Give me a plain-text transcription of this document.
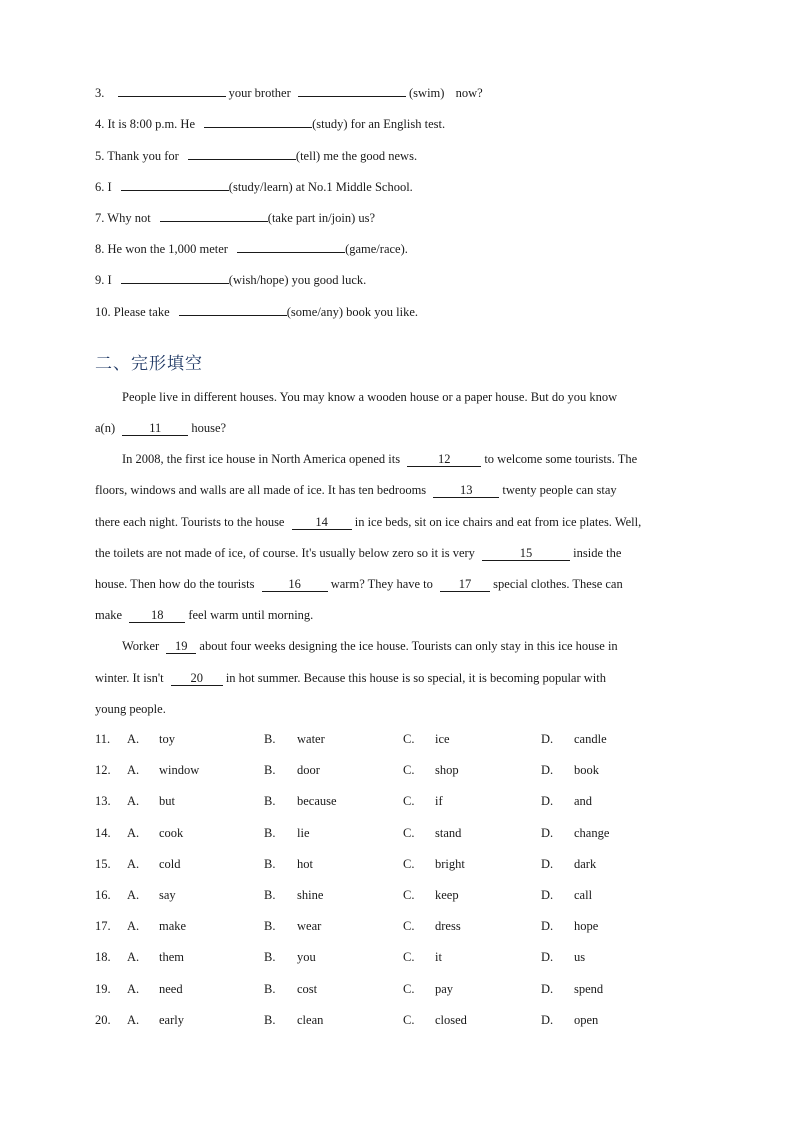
3.	your brother	(swim) now?
4. It is 8:00 p.m. He	(study) for an English test.
5. Thank you for	(tell) me the good news.
6. I	(study/learn) at No.1 Middle School.
7. Why not	(take part in/join) us?
8. He won the 1,000 meter	(game/race).
9. I	(wish/hope) you good luck.
10. Please take	(some/any) book you like.
二、完形填空
People live in different houses. You may know a wooden house or a paper house. But do you know
a(n)	11 house?
In 2008, the first ice house in North America opened its	12	to welcome some tourists. The
floors, windows and walls are all made of ice. It has ten bedrooms	13 twenty people can stay
there each night. Tourists to the house 14 in ice beds, sit on ice chairs and eat from ice plates. Well,
the toilets are not made of ice, of course. It's usually below zero so it is very	15	inside the
house. Then how do the tourists	16 warm? They have to 17 special clothes. These can
make 18 feel warm until morning.
Worker 19 about four weeks designing the ice house. Tourists can only stay in this ice house in
winter. It isn't 20 in hot summer. Because this house is so special, it is becoming popular with
young people.
11. A. toy	B. water	C. ice	D. candle
12. A. window	B. door	C. shop	D. book
13. A. but	B. because	C. if	D. and
14. A. cook	B. lie	C. stand	D. change
15. A. cold	B. hot	C. bright	D. dark
16. A. say	B. shine	C. keep	D. call
17. A. make	B. wear	C. dress	D. hope
18. A. them	B. you	C. it	D. us
19. A. need	B. cost	C. pay	D. spend
20. A. early	B. clean	C. closed	D. open
